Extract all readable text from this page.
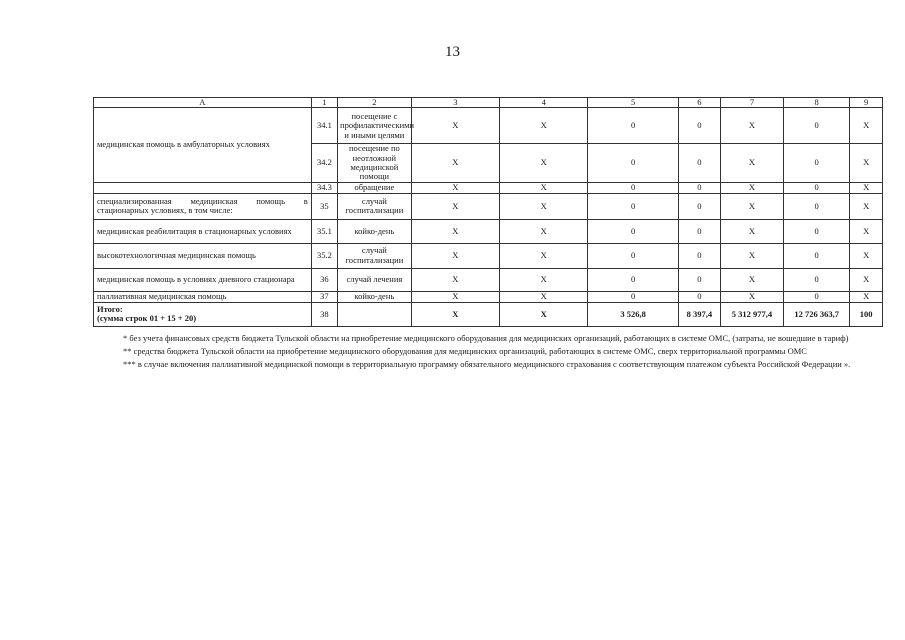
13
А	1	2	3	4	5	6	7	8	9
медицинская помощь в амбулаторных условиях	34.1	посещение с профилактическими и иными целями	Х	Х	0	0	Х	0	Х
	34.2	посещение по неотложной медицинской помощи	Х	Х	0	0	Х	0	Х
	34.3	обращение	Х	Х	0	0	Х	0	Х
специализированная медицинская помощь в стационарных условиях, в том числе:	35	случай госпитализации	Х	Х	0	0	Х	0	Х
медицинская реабилитация в стационарных условиях	35.1	койко-день	Х	Х	0	0	Х	0	Х
высокотехнологичная медицинская помощь	35.2	случай госпитализации	Х	Х	0	0	Х	0	Х
медицинская помощь в условиях дневного стационара	36	случай лечения	Х	Х	0	0	Х	0	Х
паллиативная медицинская помощь	37	койко-день	Х	Х	0	0	Х	0	Х

Итого:
(сумма строк 01 + 15 + 20)	38		Х	Х	3 526,8	8 397,4	5 312 977,4	12 726 363,7	100

* без учета финансовых средств бюджета Тульской области на приобретение медицинского оборудования для медицинских организаций, работающих в системе ОМС, (затраты, не вошедшие в тариф)

** средства бюджета Тульской области на приобретение медицинского оборудования для медицинских организаций, работающих в системе ОМС, сверх территориальной программы ОМС

*** в случае включения паллиативной медицинской помощи в территориальную программу обязательного медицинского страхования с соответствующим платежом субъекта Российской Федерации ».
